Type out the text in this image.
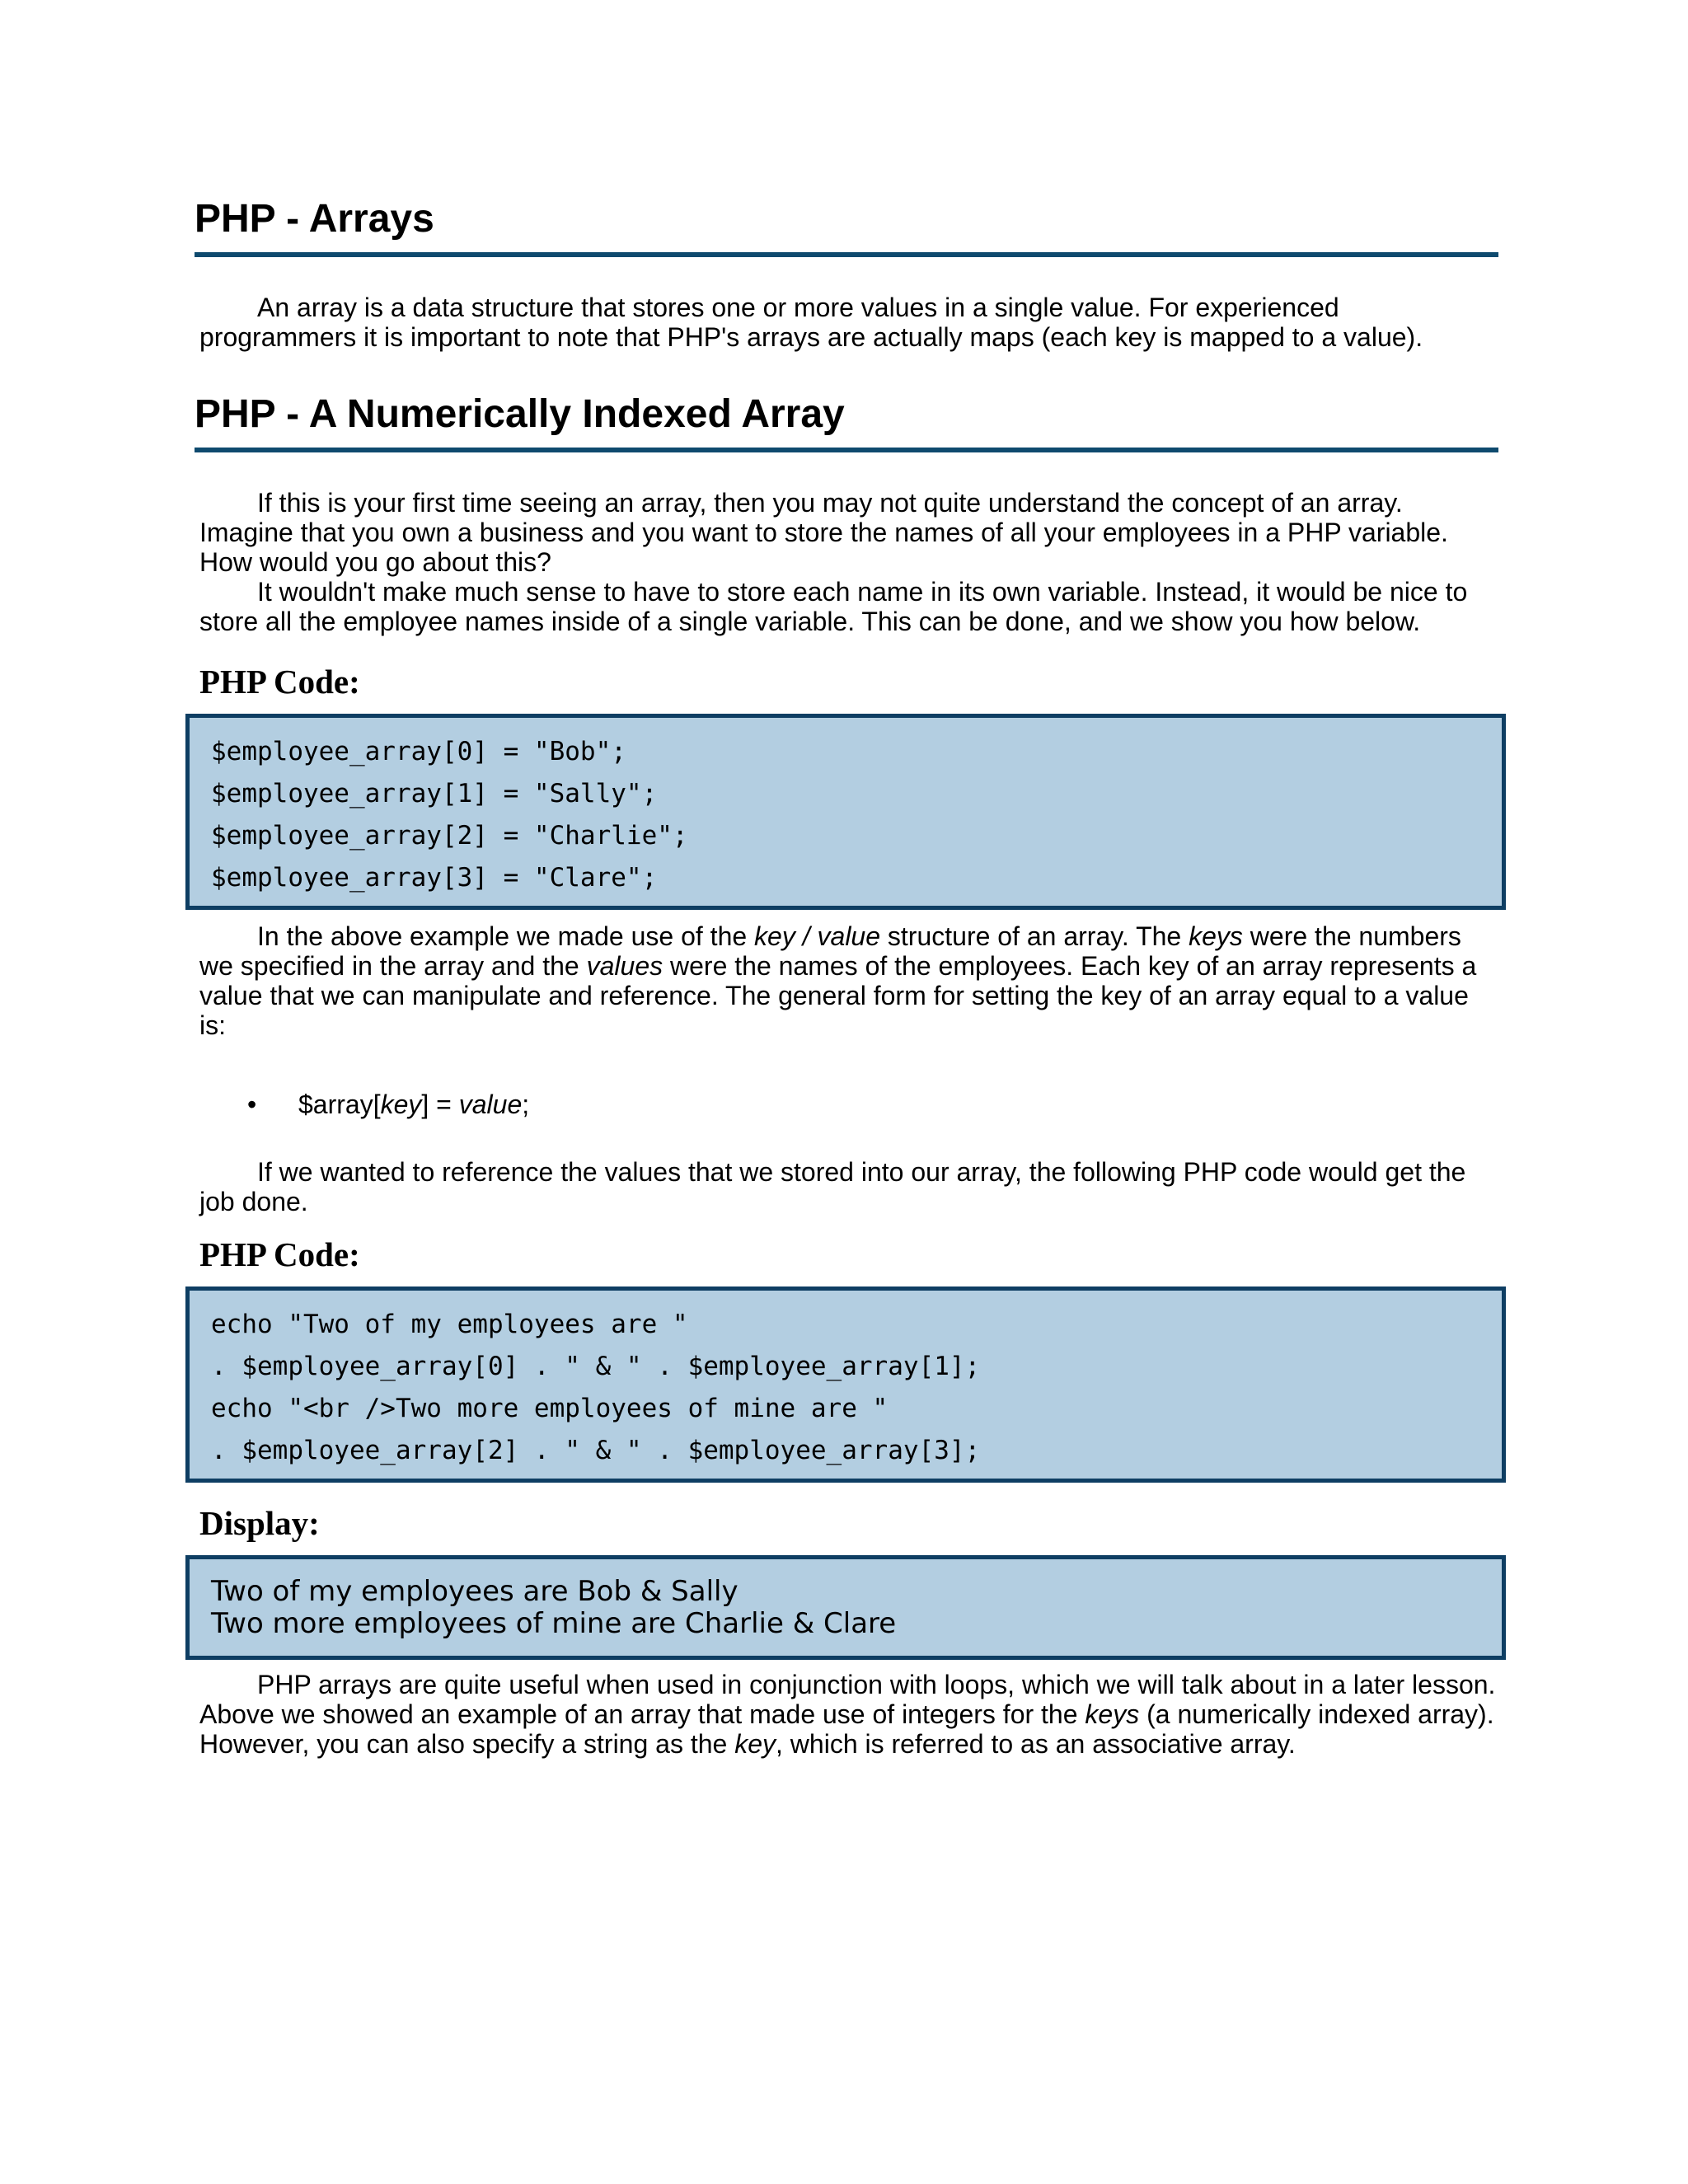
PHP - Arrays

An array is a data structure that stores one or more values in a single value. For experienced programmers it is important to note that PHP's arrays are actually maps (each key is mapped to a value).

PHP - A Numerically Indexed Array

If this is your first time seeing an array, then you may not quite understand the concept of an array. Imagine that you own a business and you want to store the names of all your employees in a PHP variable. How would you go about this?

It wouldn't make much sense to have to store each name in its own variable. Instead, it would be nice to store all the employee names inside of a single variable. This can be done, and we show you how below.

PHP Code:
$employee_array[0] = "Bob";
$employee_array[1] = "Sally";
$employee_array[2] = "Charlie";
$employee_array[3] = "Clare";

In the above example we made use of the key / value structure of an array. The keys were the numbers we specified in the array and the values were the names of the employees. Each key of an array represents a value that we can manipulate and reference. The general form for setting the key of an array equal to a value is:

• $array[key] = value;

If we wanted to reference the values that we stored into our array, the following PHP code would get the job done.

PHP Code:
echo "Two of my employees are "
. $employee_array[0] . " & " . $employee_array[1];
echo "<br />Two more employees of mine are "
. $employee_array[2] . " & " . $employee_array[3];
Display:
Two of my employees are Bob & Sally
Two more employees of mine are Charlie & Clare

PHP arrays are quite useful when used in conjunction with loops, which we will talk about in a later lesson. Above we showed an example of an array that made use of integers for the keys (a numerically indexed array). However, you can also specify a string as the key, which is referred to as an associative array.
